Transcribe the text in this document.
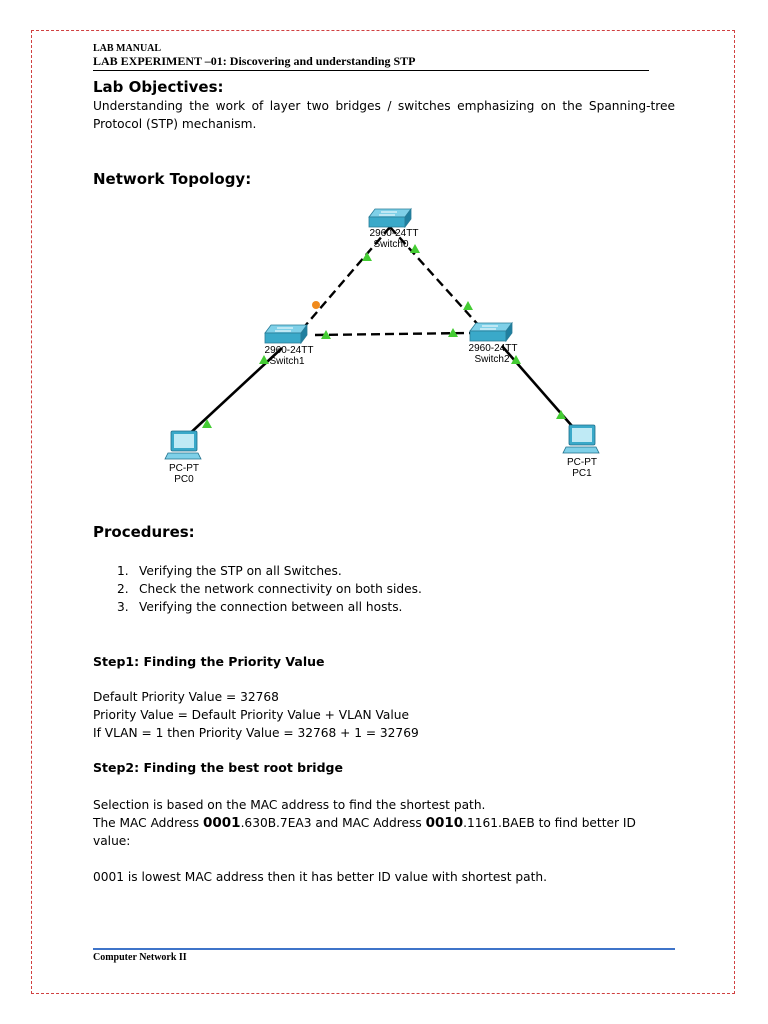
LAB MANUAL
LAB EXPERIMENT –01: Discovering and understanding STP
Lab Objectives:
Understanding the work of layer two bridges / switches emphasizing on the Spanning-tree Protocol (STP) mechanism.
Network Topology:
2960-24TT
Switch0
2960-24TT
Switch1
2960-24TT
Switch2
PC-PT
PC0
PC-PT
PC1
Procedures:
1. Verifying the STP on all Switches.
2. Check the network connectivity on both sides.
3. Verifying the connection between all hosts.
Step1: Finding the Priority Value
Default Priority Value = 32768
Priority Value = Default Priority Value + VLAN Value
If VLAN = 1 then Priority Value = 32768 + 1 = 32769
Step2: Finding the best root bridge
Selection is based on the MAC address to find the shortest path.
The MAC Address 0001.630B.7EA3 and MAC Address 0010.1161.BAEB to find better ID value:
0001 is lowest MAC address then it has better ID value with shortest path.
Computer Network II
